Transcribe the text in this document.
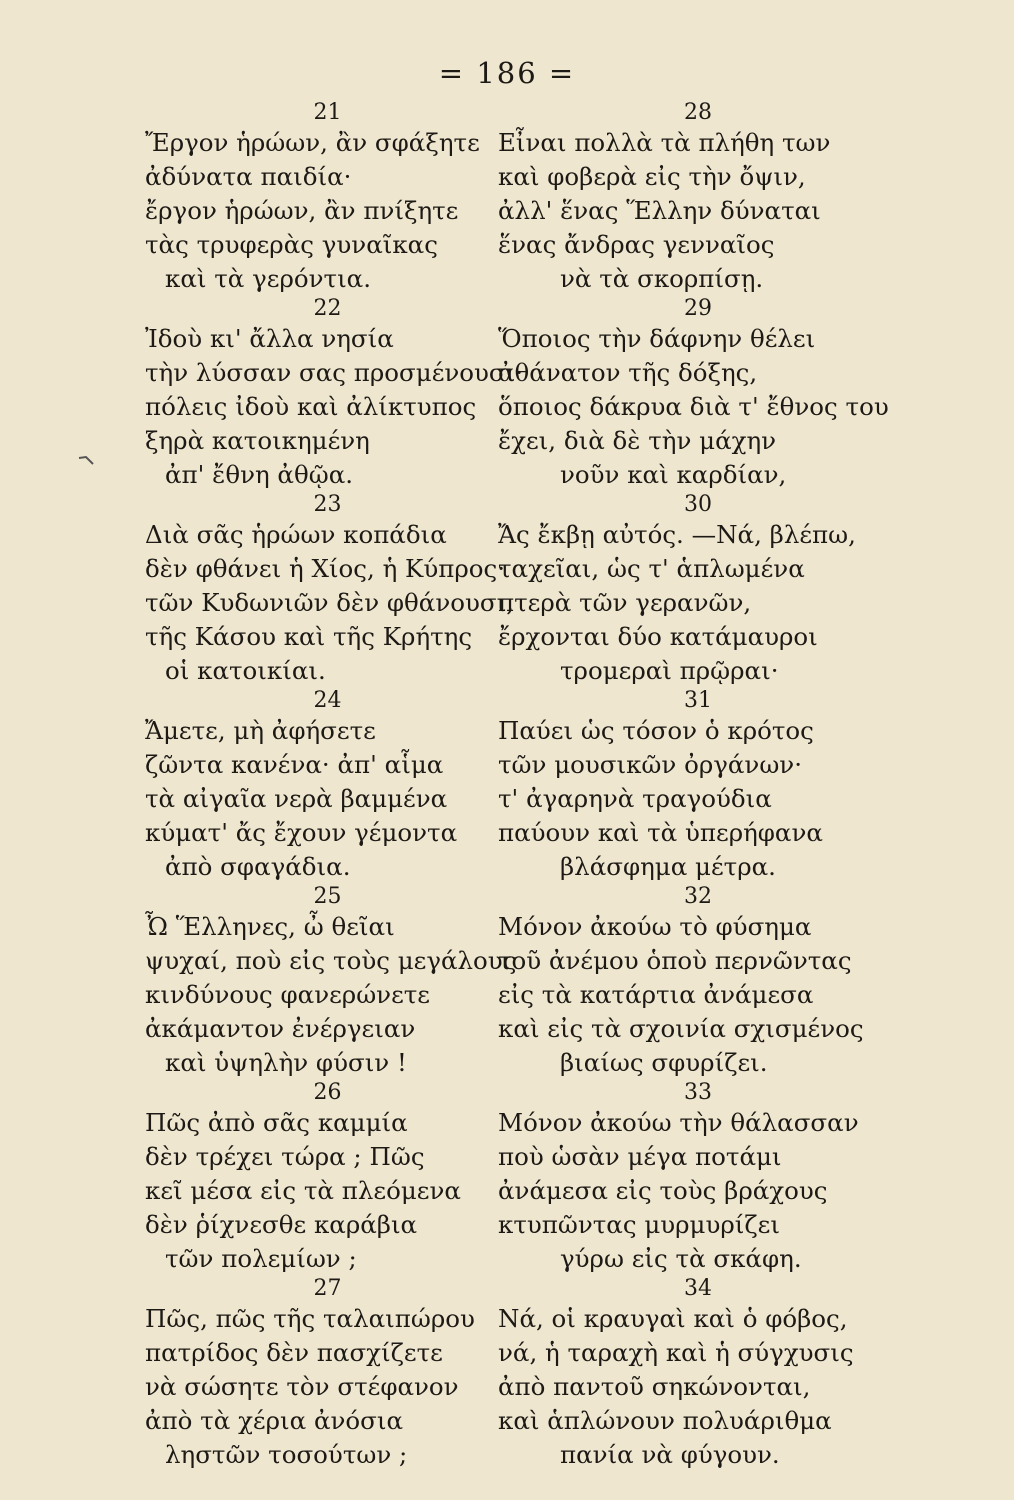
= 186 =
21
Ἔργον ἡρώων, ἂν σφάξητε
ἀδύνατα παιδία·
ἔργον ἡρώων, ἂν πνίξητε
τὰς τρυφερὰς γυναῖκας
καὶ τὰ γερόντια.
22
Ἰδοὺ κι' ἄλλα νησία
τὴν λύσσαν σας προσμένουσι·
πόλεις ἰδοὺ καὶ ἀλίκτυπος
ξηρὰ κατοικημένη
ἀπ' ἔθνη ἀθῷα.
23
Διὰ σᾶς ἡρώων κοπάδια
δὲν φθάνει ἡ Χίος, ἡ Κύπρος·
τῶν Κυδωνιῶν δὲν φθάνουσι,
τῆς Κάσου καὶ τῆς Κρήτης
οἱ κατοικίαι.
24
Ἄμετε, μὴ ἀφήσετε
ζῶντα κανένα· ἀπ' αἷμα
τὰ αἰγαῖα νερὰ βαμμένα
κύματ' ἄς ἔχουν γέμοντα
ἀπὸ σφαγάδια.
25
Ὦ Ἕλληνες, ὦ θεῖαι
ψυχαί, ποὺ εἰς τοὺς μεγάλους
κινδύνους φανερώνετε
ἀκάμαντον ἐνέργειαν
καὶ ὑψηλὴν φύσιν !
26
Πῶς ἀπὸ σᾶς καμμία
δὲν τρέχει τώρα ; Πῶς
κεῖ μέσα εἰς τὰ πλεόμενα
δὲν ῥίχνεσθε καράβια
τῶν πολεμίων ;
27
Πῶς, πῶς τῆς ταλαιπώρου
πατρίδος δὲν πασχίζετε
νὰ σώσητε τὸν στέφανον
ἀπὸ τὰ χέρια ἀνόσια
ληστῶν τοσούτων ;
28
Εἶναι πολλὰ τὰ πλήθη των
καὶ φοβερὰ εἰς τὴν ὄψιν,
ἀλλ' ἕνας Ἕλλην δύναται
ἕνας ἄνδρας γενναῖος
νὰ τὰ σκορπίσῃ.
29
Ὅποιος τὴν δάφνην θέλει
ἀθάνατον τῆς δόξης,
ὅποιος δάκρυα διὰ τ' ἔθνος του
ἔχει, διὰ δὲ τὴν μάχην
νοῦν καὶ καρδίαν,
30
Ἄς ἔκβῃ αὐτός. —Νά, βλέπω,
ταχεῖαι, ὡς τ' ἁπλωμένα
πτερὰ τῶν γερανῶν,
ἔρχονται δύο κατάμαυροι
τρομεραὶ πρῷραι·
31
Παύει ὡς τόσον ὁ κρότος
τῶν μουσικῶν ὀργάνων·
τ' ἀγαρηνὰ τραγούδια
παύουν καὶ τὰ ὑπερήφανα
βλάσφημα μέτρα.
32
Μόνον ἀκούω τὸ φύσημα
τοῦ ἀνέμου ὁποὺ περνῶντας
εἰς τὰ κατάρτια ἀνάμεσα
καὶ εἰς τὰ σχοινία σχισμένος
βιαίως σφυρίζει.
33
Μόνον ἀκούω τὴν θάλασσαν
ποὺ ὡσὰν μέγα ποτάμι
ἀνάμεσα εἰς τοὺς βράχους
κτυπῶντας μυρμυρίζει
γύρω εἰς τὰ σκάφη.
34
Νά, οἱ κραυγαὶ καὶ ὁ φόβος,
νά, ἡ ταραχὴ καὶ ἡ σύγχυσις
ἀπὸ παντοῦ σηκώνονται,
καὶ ἁπλώνουν πολυάριθμα
πανία νὰ φύγουν.
